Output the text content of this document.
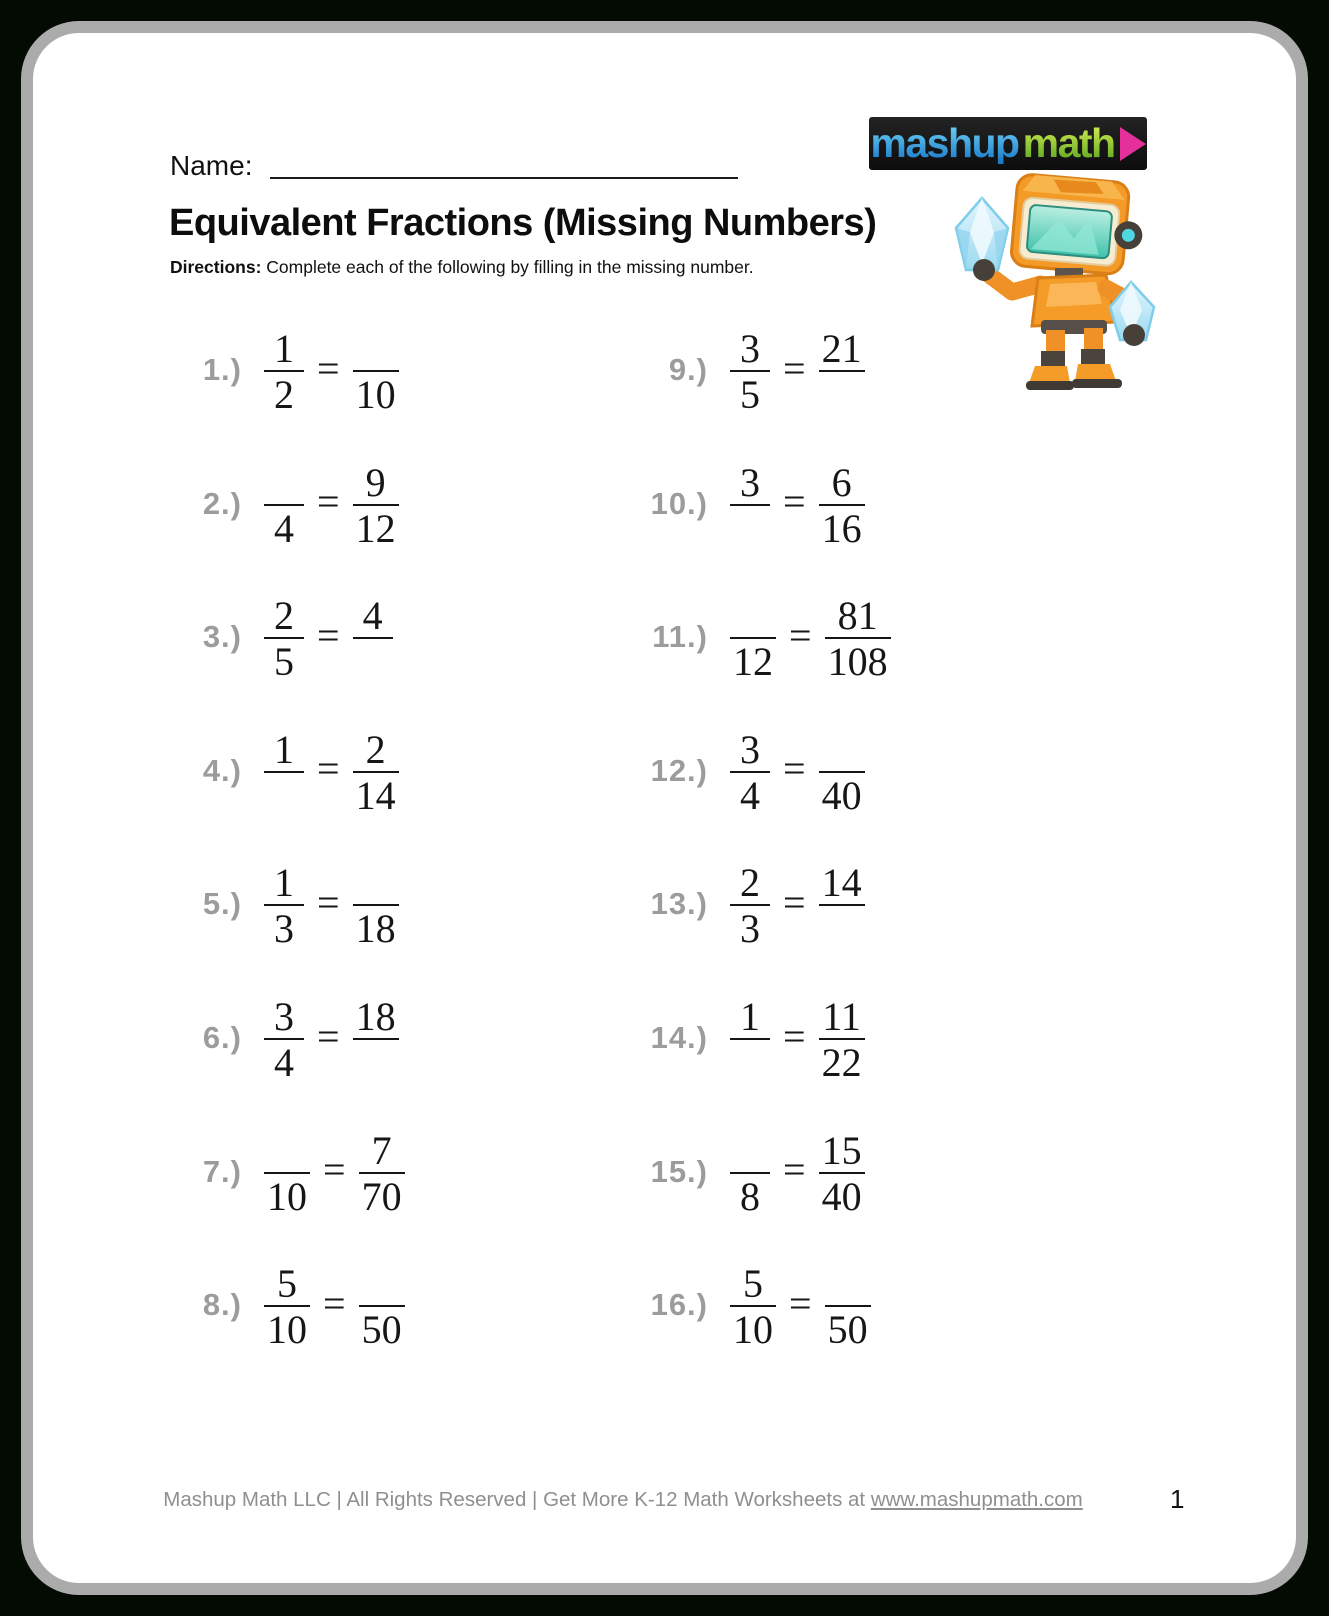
Name:	mashup math
Equivalent Fractions (Missing Numbers)

Directions: Complete each of the following by filling in the missing number.

$1.) \frac{1}{2}$ =
10
2.)
4
= $\frac{9}{12}$
$3.) \frac{2}{5} = 4$
4.) $1 = \frac{2}{14}$
$5.) \frac{1}{3}$ =
18
$6.) \frac{3}{4} = 18$
7.)
10
= $\frac{7}{70}$
$8.) \frac{5}{10}$ =
50
$9.) \frac{3}{5} = 21$
10.) $3 = \frac{6}{16}$
11.)
12
= $\frac{81}{108}$
$12.) \frac{3}{4}$ =
40
$13.) \frac{2}{3} = 14$
14.) $1 = \frac{11}{22}$
15.)
8
= $\frac{15}{40}$
$16.) \frac{5}{10}$ =
50
Mashup Math LLC | All Rights Reserved | Get More K-12 Math Worksheets at www.mashupmath.com	1
